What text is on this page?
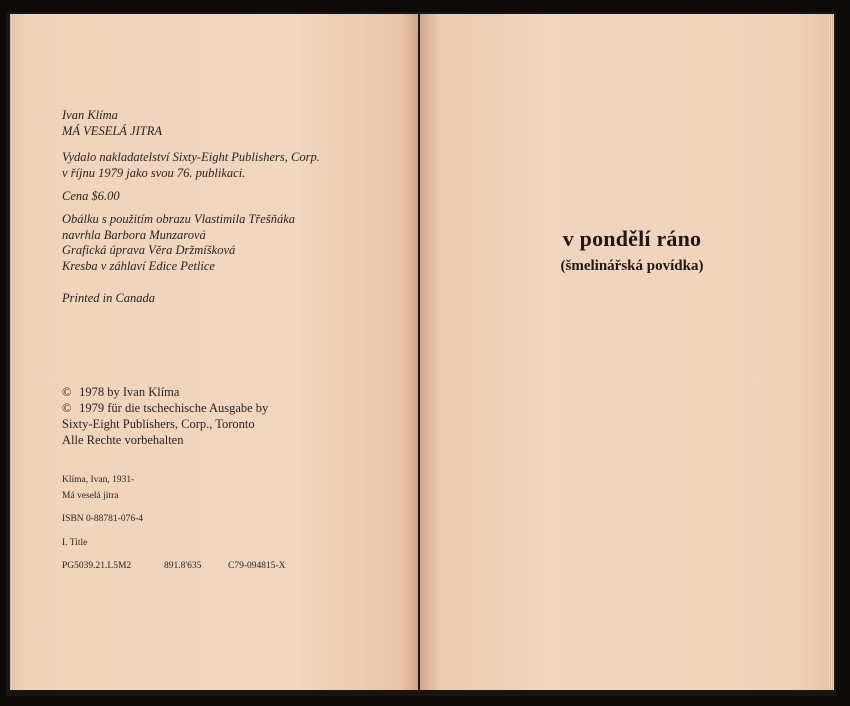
Ivan Klíma
MÁ VESELÁ JITRA
Vydalo nakladatelství Sixty-Eight Publishers, Corp.
v říjnu 1979 jako svou 76. publikaci.
Cena $6.00
Obálku s použitím obrazu Vlastimila Třešňáka
navrhla Barbora Munzarová
Grafická úprava Věra Držmíšková
Kresba v záhlaví Edice Petlice
Printed in Canada
© 1978 by Ivan Klíma
© 1979 für die tschechische Ausgabe by
Sixty-Eight Publishers, Corp., Toronto
Alle Rechte vorbehalten
Klíma, Ivan, 1931-
Má veselá jitra
ISBN 0-88781-076-4
I. Title
PG5039.21.L5M2	891.8'635	C79-094815-X
v pondělí ráno
(šmelinářská povídka)
